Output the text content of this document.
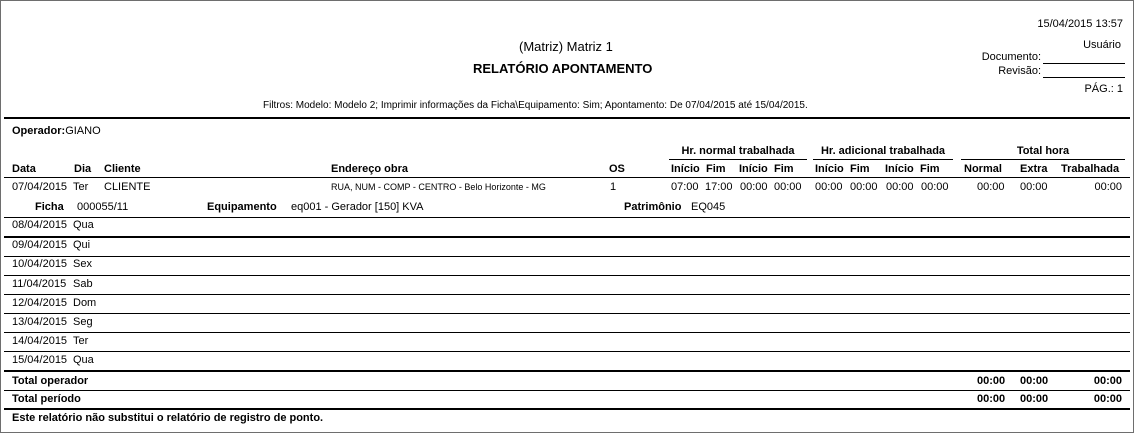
15/04/2015 13:57
(Matriz) Matriz 1	Usuário
Documento:
RELATÓRIO APONTAMENTO	Revisão:
PÁG.: 1
Filtros: Modelo: Modelo 2; Imprimir informações da Ficha\Equipamento: Sim; Apontamento: De 07/04/2015 até 15/04/2015.
Operador:GIANO
Hr. normal trabalhada	Hr. adicional trabalhada	Total hora
Data	Dia Cliente	Endereço obra	OS	Início Fim Início Fim Início Fim Início Fim Normal Extra Trabalhada
07/04/2015 Ter CLIENTE	RUA, NUM - COMP - CENTRO - Belo Horizonte - MG	1	07:00 17:00 00:00 00:00 00:00 00:00 00:00 00:00	00:00 00:00	00:00
Ficha 000055/11	Equipamento eq001 - Gerador [150] KVA	Patrimônio EQ045
08/04/2015 Qua
09/04/2015 Qui
10/04/2015 Sex
11/04/2015 Sab
12/04/2015 Dom
13/04/2015 Seg
14/04/2015 Ter
15/04/2015 Qua
Total operador	00:00 00:00	00:00
Total período	00:00 00:00	00:00
Este relatório não substitui o relatório de registro de ponto.
